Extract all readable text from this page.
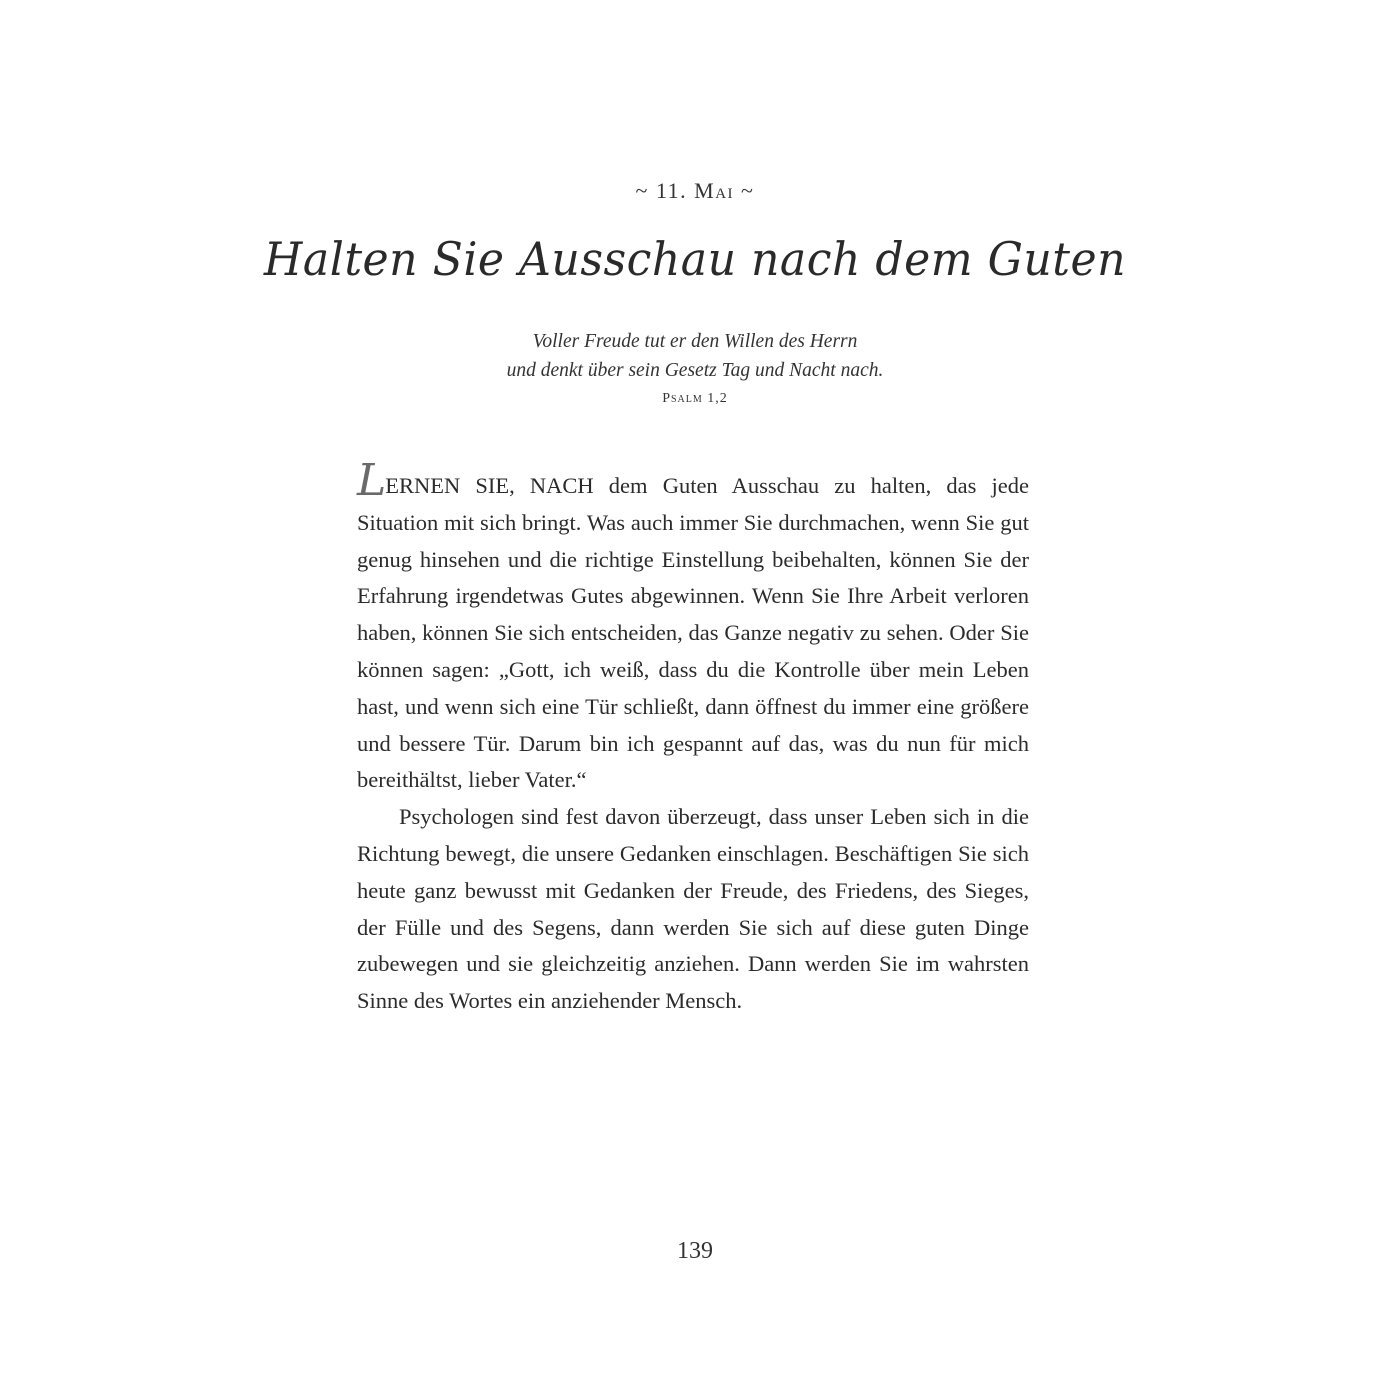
~ 11. Mai ~
Halten Sie Ausschau nach dem Guten
Voller Freude tut er den Willen des Herrn
und denkt über sein Gesetz Tag und Nacht nach.
Psalm 1,2

LERNEN SIE, NACH dem Guten Ausschau zu halten, das jede Situation mit sich bringt. Was auch immer Sie durchmachen, wenn Sie gut genug hinsehen und die richtige Einstellung beibehalten, können Sie der Erfahrung irgendetwas Gutes abgewinnen. Wenn Sie Ihre Arbeit verloren haben, können Sie sich entscheiden, das Ganze negativ zu sehen. Oder Sie können sagen: „Gott, ich weiß, dass du die Kontrolle über mein Leben hast, und wenn sich eine Tür schließt, dann öffnest du immer eine größere und bessere Tür. Darum bin ich gespannt auf das, was du nun für mich bereithältst, lieber Vater.“

Psychologen sind fest davon überzeugt, dass unser Leben sich in die Richtung bewegt, die unsere Gedanken einschlagen. Beschäftigen Sie sich heute ganz bewusst mit Gedanken der Freude, des Friedens, des Sieges, der Fülle und des Segens, dann werden Sie sich auf diese guten Dinge zubewegen und sie gleichzeitig anziehen. Dann werden Sie im wahrsten Sinne des Wortes ein anziehender Mensch.

139
